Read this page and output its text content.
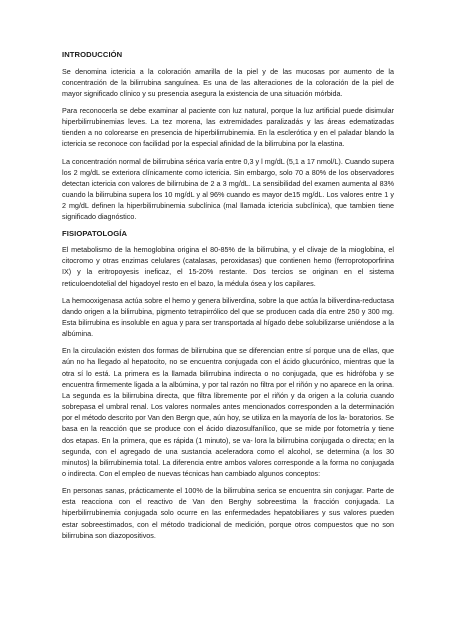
INTRODUCCIÓN

Se denomina ictericia a la coloración amarilla de la piel y de las mucosas por aumento de la concentración de la bilirrubina sanguínea. Es una de las alteraciones de la coloración de la piel de mayor significado clínico y su presencia asegura la existencia de una situación mórbida.

Para reconocerla se debe examinar al paciente con luz natural, porque la luz artificial puede disimular hiperbilirrubinemias leves. La tez morena, las extremidades paralizadás y las áreas edematizadas tienden a no colorearse en presencia de hiperbilirrubinemia. En la esclerótica y en el paladar blando la ictericia se reconoce con facilidad por la especial afinidad de la bilirrubina por la elastina.

La concentración normal de bilirrubina sérica varía entre 0,3 y l mg/dL (5,1 a 17 nmol/L). Cuando supera los 2 mg/dL se exteriora clínicamente como ictericia. Sin embargo, solo 70 a 80% de los observadores detectan ictericia con valores de bilirrubina de 2 a 3 mg/dL. La sensibilidad del examen aumenta al 83% cuando la bilirrubina supera los 10 mg/dL y al 96% cuando es mayor de15 mg/dL. Los valores entre 1 y 2 mg/dL definen la hiperbilirrubinemia subclínica (mal llamada ictericia subclínica), que tambien tiene significado diagnóstico.

FISIOPATOLOGÍA

El metabolismo de la hemoglobina origina el 80-85% de la bilirrubina, y el clivaje de la mioglobina, el citocromo y otras enzimas celulares (catalasas, peroxidasas) que contienen hemo (ferroprotoporfirina IX) y la eritropoyesis ineficaz, el 15-20% restante. Dos tercios se originan en el sistema reticuloendotelial del higadoyel resto en el bazo, la médula ósea y los capilares.

La hemooxigenasa actúa sobre el hemo y genera biliverdina, sobre la que actúa la biliverdina-reductasa dando origen a la bilirrubina, pigmento tetrapirrólico del que se producen cada día entre 250 y 300 mg. Esta bilirrubina es insoluble en agua y para ser transportada al hígado debe solubilizarse uniéndose a la albúmina.

En la circulación existen dos formas de bilirrubina que se diferencian entre sí porque una de ellas, que aún no ha llegado al hepatocito, no se encuentra conjugada con el ácido glucurónico, mientras que la otra sí lo está. La primera es la llamada bilirrubina indirecta o no conjugada, que es hidrófoba y se encuentra firmemente ligada a la albúmina, y por tal razón no filtra por el riñón y no aparece en la orina. La segunda es la bilirrubina directa, que filtra libremente por el riñón y da origen a la coluria cuando sobrepasa el umbral renal. Los valores normales antes mencionados corresponden a la determinación por el método descrito por Van den Bergn que, aún hoy, se utiliza en la mayoría de los la- boratorios. Se basa en la reacción que se produce con el ácido diazosulfanílico, que se mide por fotometría y tiene dos etapas. En la primera, que es rápida (1 minuto), se va- lora la bilirrubina conjugada o directa; en la segunda, con el agregado de una sustancia aceleradora como el alcohol, se determina (a los 30 minutos) la bilirrubinemia total. La diferencia entre ambos valores corresponde a la forma no conjugada o indirecta. Con el empleo de nuevas técnicas han cambiado algunos conceptos:

En personas sanas, prácticamente el 100% de la bilirrubina serica se encuentra sin conjugar. Parte de esta reacciona con el reactivo de Van den Berghy sobreestima la fracción conjugada. La hiperbilirrubinemia conjugada solo ocurre en las enfermedades hepatobiliares y sus valores pueden estar sobreestimados, con el método tradicional de medición, porque otros compuestos que no son bilirrubina son diazopositivos.
